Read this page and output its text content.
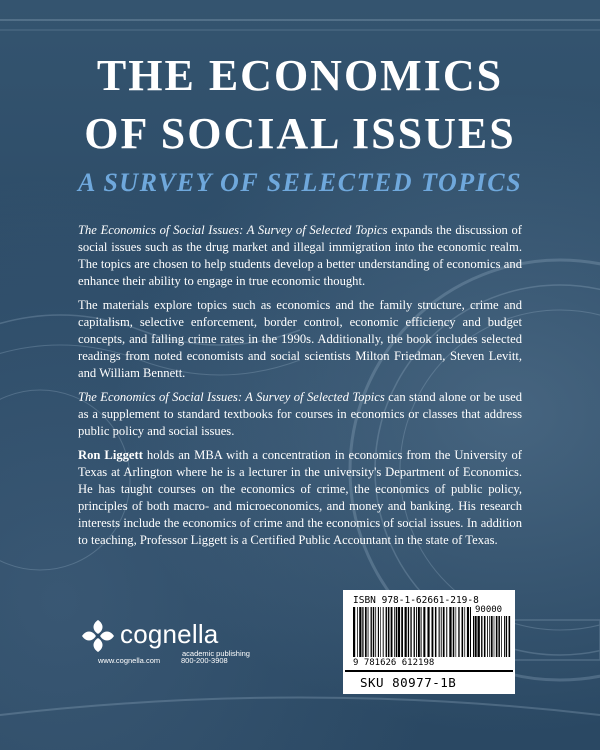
THE ECONOMICS
OF SOCIAL ISSUES
A SURVEY OF SELECTED TOPICS

The Economics of Social Issues: A Survey of Selected Topics expands the discussion of social issues such as the drug market and illegal immigration into the economic realm. The topics are chosen to help students develop a better understanding of economics and enhance their ability to engage in true economic thought.

The materials explore topics such as economics and the family structure, crime and capitalism, selective enforcement, border control, economic efficiency and budget concepts, and falling crime rates in the 1990s. Additionally, the book includes selected readings from noted economists and social scientists Milton Friedman, Steven Levitt, and William Bennett.

The Economics of Social Issues: A Survey of Selected Topics can stand alone or be used as a supplement to standard textbooks for courses in economics or classes that address public policy and social issues.

Ron Liggett holds an MBA with a concentration in economics from the University of Texas at Arlington where he is a lecturer in the university's Department of Economics. He has taught courses on the economics of crime, the economics of public policy, principles of both macro- and microeconomics, and money and banking. His research interests include the economics of crime and the economics of social issues. In addition to teaching, Professor Liggett is a Certified Public Accountant in the state of Texas.

cognella
academic publishing
www.cognella.com	800-200-3908
ISBN 978-1-62661-219-8
90000
9 781626 612198
SKU 80977-1B
